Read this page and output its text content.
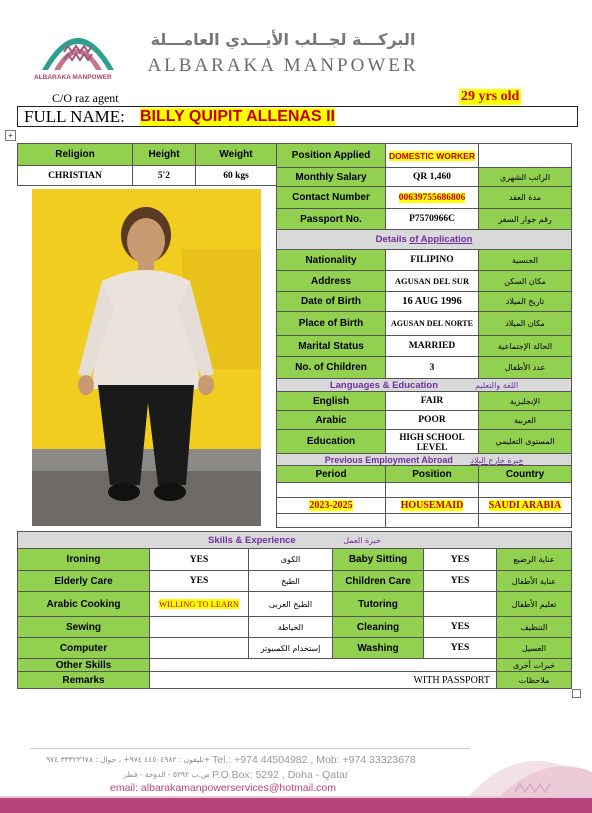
ALBARAKA MANPOWER
البركـــة لجــلب الأيـــدي العامـــلة
ALBARAKA MANPOWER
C/O raz agent	29 yrs old
FULL NAME: BILLY QUIPIT ALLENAS II
+
Religion	Height	Weight
CHRISTIAN	5'2	60 kgs
Position Applied	DOMESTIC WORKER	
Monthly Salary	QR 1,460	الراتب الشهري
Contact Number	00639755686806	مدة العقد
Passport No.	P7570966C	رقم جواز السفر
Details of Application		
Nationality	FILIPINO	الجنسية
Address	AGUSAN DEL SUR	مكان السكن
Date of Birth	16 AUG 1996	تاريخ الميلاد
Place of Birth	AGUSAN DEL NORTE	مكان الميلاد
Marital Status	MARRIED	الحالة الإجتماعية
No. of Children	3	عدد الأطفال
Languages & Education اللغة والتعليم		
English	FAIR	الإنجليزية
Arabic	POOR	العربية
Education	HIGH SCHOOL LEVEL	المستوى التعليمي
Previous Employment Abroad خبرة خارج البلاد		
Period	Position	Country

2023-2025	HOUSEMAID	SAUDI ARABIA

Skills & Experience خبرة العمل					
Ironing	YES	الكوى	Baby Sitting	YES	عناية الرضيع
Elderly Care	YES	الطبخ	Children Care	YES	عناية الأطفال
Arabic Cooking	WILLING TO LEARN	الطبخ العربى	Tutoring		تعليم الأطفال
Sewing		الخياطة	Cleaning	YES	التنظيف
Computer		إستخدام الكمبيوتر	Washing	YES	الغسيل
Other Skills					خبرات أخرى
Remarks	WITH PASSPORT				ملاحظات
تليفون : ٤٤٥٠٤٩٨٢ ٩٧٤+ ، جوال : ٣٣٣٢٣٦٧٨ ٩٧٤+ Tel.: +974 44504982 , Mob: +974 33323678
ص.ب ٥٢٩٢ - الدوحة - قطر P.O.Box: 5292 , Doha - Qatar
email: albarakamanpowerservices@hotmail.com
